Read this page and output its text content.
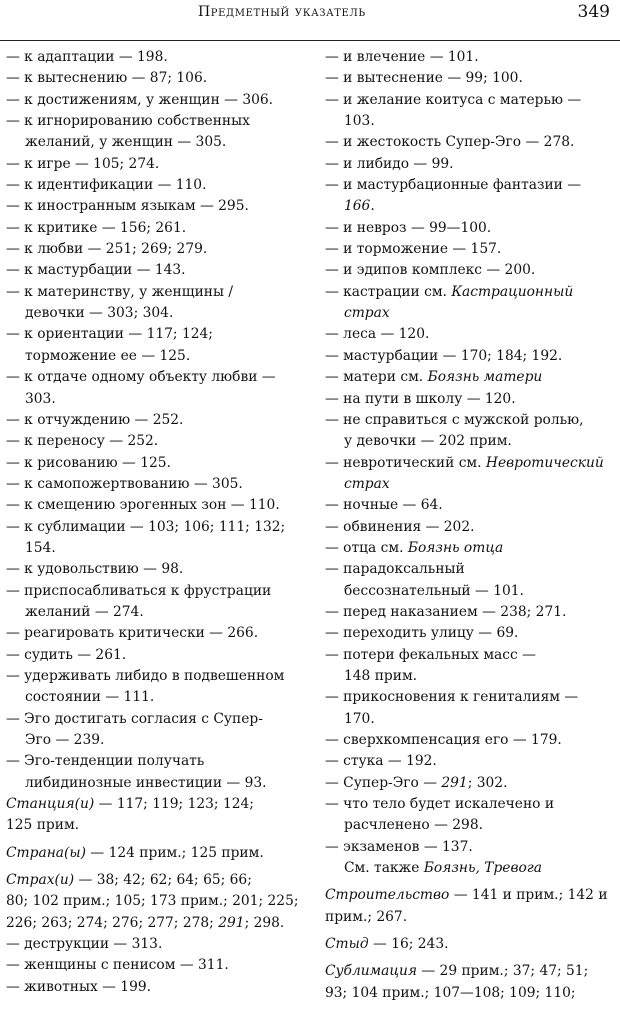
Предметный указатель	349
— к адаптации — 198.
— к вытеснению — 87; 106.
— к достижениям, у женщин — 306.
— к игнорированию собственных
желаний, у женщин — 305.
— к игре — 105; 274.
— к идентификации — 110.
— к иностранным языкам — 295.
— к критике — 156; 261.
— к любви — 251; 269; 279.
— к мастурбации — 143.
— к материнству, у женщины /
девочки — 303; 304.
— к ориентации — 117; 124;
торможение ее — 125.
— к отдаче одному объекту любви —
303.
— к отчуждению — 252.
— к переносу — 252.
— к рисованию — 125.
— к самопожертвованию — 305.
— к смещению эрогенных зон — 110.
— к сублимации — 103; 106; 111; 132;
154.
— к удовольствию — 98.
— приспосабливаться к фрустрации
желаний — 274.
— реагировать критически — 266.
— судить — 261.
— удерживать либидо в подвешенном
состоянии — 111.
— Эго достигать согласия с Супер-
Эго — 239.
— Эго-тенденции получать
либидинозные инвестиции — 93.
Станция(и) — 117; 119; 123; 124;
125 прим.
Страна(ы) — 124 прим.; 125 прим.
Страх(и) — 38; 42; 62; 64; 65; 66;
80; 102 прим.; 105; 173 прим.; 201; 225;
226; 263; 274; 276; 277; 278; 291; 298.
— деструкции — 313.
— женщины с пенисом — 311.
— животных — 199.
— и влечение — 101.
— и вытеснение — 99; 100.
— и желание коитуса с матерью —
103.
— и жестокость Супер-Эго — 278.
— и либидо — 99.
— и мастурбационные фантазии —
166.
— и невроз — 99—100.
— и торможение — 157.
— и эдипов комплекс — 200.
— кастрации см. Кастрационный
страх
— леса — 120.
— мастурбации — 170; 184; 192.
— матери см. Боязнь матери
— на пути в школу — 120.
— не справиться с мужской ролью,
у девочки — 202 прим.
— невротический см. Невротический
страх
— ночные — 64.
— обвинения — 202.
— отца см. Боязнь отца
— парадоксальный
бессознательный — 101.
— перед наказанием — 238; 271.
— переходить улицу — 69.
— потери фекальных масс —
148 прим.
— прикосновения к гениталиям —
170.
— сверхкомпенсация его — 179.
— стука — 192.
— Супер-Эго — 291; 302.
— что тело будет искалечено и
расчленено — 298.
— экзаменов — 137.
См. также Боязнь, Тревога
Строительство — 141 и прим.; 142 и
прим.; 267.
Стыд — 16; 243.
Сублимация — 29 прим.; 37; 47; 51;
93; 104 прим.; 107—108; 109; 110;
